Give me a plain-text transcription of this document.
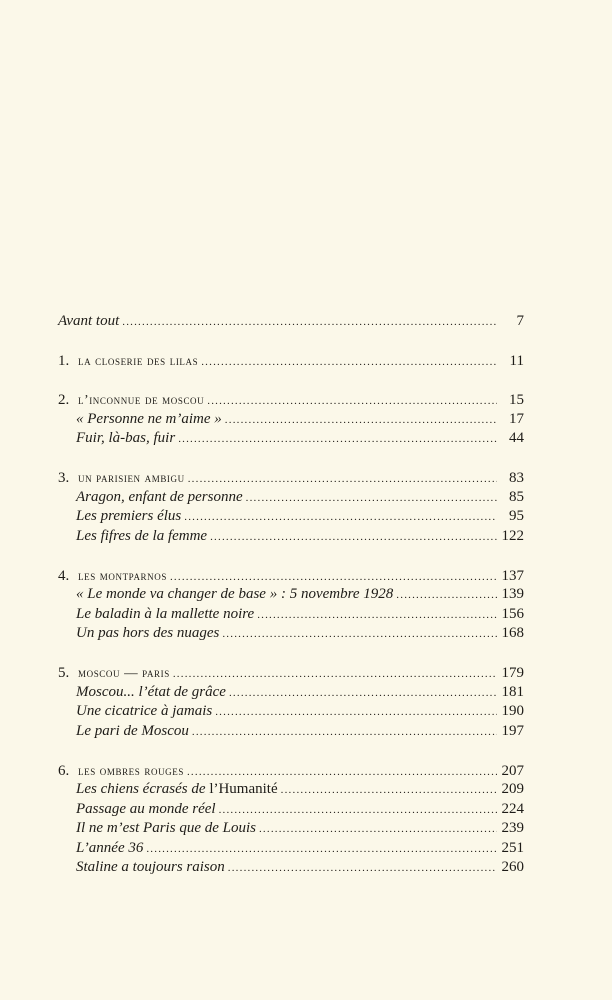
Avant tout .....	7
1. la closerie des lilas .....	11
2. l’inconnue de moscou .....	15
« Personne ne m’aime » .....	17
Fuir, là-bas, fuir .....	44
3. un parisien ambigu .....	83
Aragon, enfant de personne .....	85
Les premiers élus .....	95
Les fifres de la femme .....	122
4. les montparnos .....	137
« Le monde va changer de base » : 5 novembre 1928 .....	139
Le baladin à la mallette noire .....	156
Un pas hors des nuages .....	168
5. moscou — paris .....	179
Moscou... l’état de grâce .....	181
Une cicatrice à jamais .....	190
Le pari de Moscou .....	197
6. les ombres rouges .....	207
Les chiens écrasés de l’Humanité .....	209
Passage au monde réel .....	224
Il ne m’est Paris que de Louis .....	239
L’année 36 .....	251
Staline a toujours raison .....	260
